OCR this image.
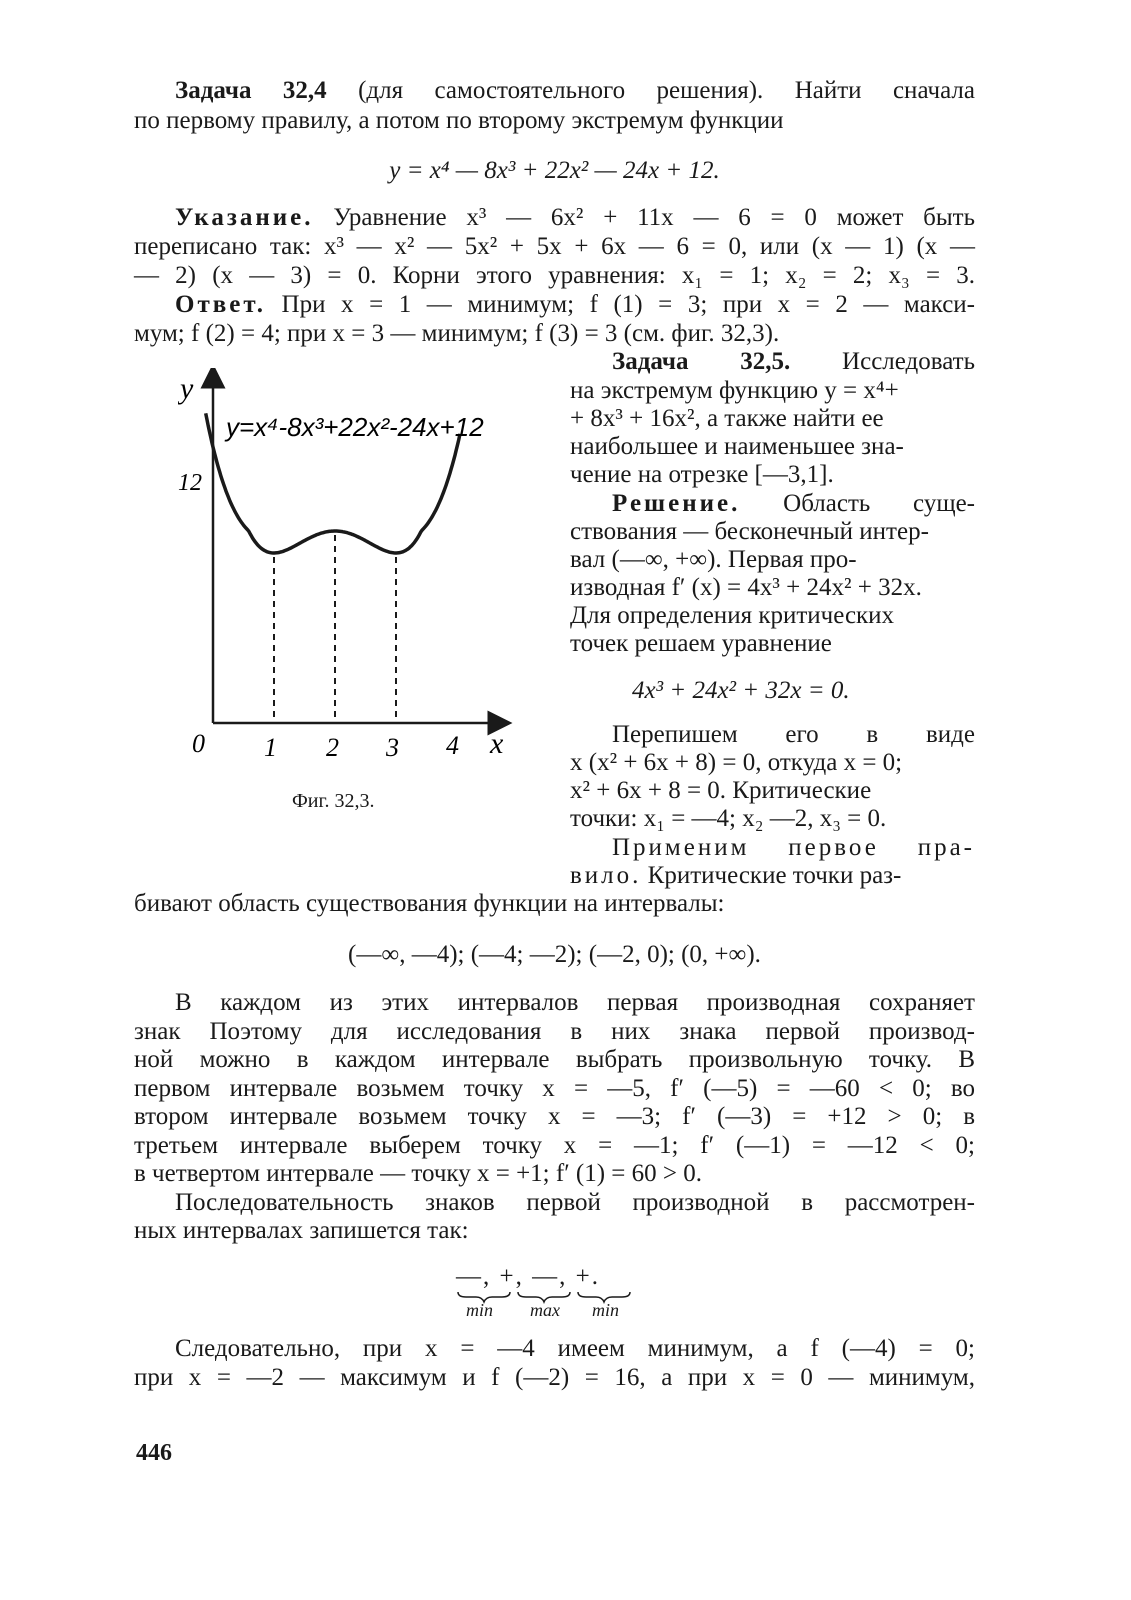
Задача 32,4 (для самостоятельного решения). Найти сначала
по первому правилу, а потом по второму экстремум функции
y = x⁴ — 8x³ + 22x² — 24x + 12.
Указание. Уравнение x³ — 6x² + 11x — 6 = 0 может быть
переписано так: x³ — x² — 5x² + 5x + 6x — 6 = 0, или (x — 1) (x —
— 2) (x — 3) = 0. Корни этого уравнения: x₁ = 1; x₂ = 2; x₃ = 3.
Ответ. При x = 1 — минимум; f (1) = 3; при x = 2 — макси-
мум; f (2) = 4; при x = 3 — минимум; f (3) = 3 (см. фиг. 32,3).
Задача 32,5. Исследовать
на экстремум функцию y = x⁴+
+ 8x³ + 16x², а также найти ее
наибольшее и наименьшее зна-
чение на отрезке [—3,1].
Решение. Область суще-
ствования — бесконечный интер-
вал (—∞, +∞). Первая про-
изводная f′ (x) = 4x³ + 24x² + 32x.
Для определения критических
точек решаем уравнение
4x³ + 24x² + 32x = 0.
Перепишем его в виде
x (x² + 6x + 8) = 0, откуда x = 0;
x² + 6x + 8 = 0. Критические
точки: x₁ = —4; x₂ —2, x₃ = 0.
Применим первое пра-
вило. Критические точки раз-
y
x
0
12
1 2 3 4
y=x⁴-8x³+22x²-24x+12
Фиг. 32,3.
бивают область существования функции на интервалы:
(—∞, —4); (—4; —2); (—2, 0); (0, +∞).
В каждом из этих интервалов первая производная сохраняет
знак Поэтому для исследования в них знака первой производ-
ной можно в каждом интервале выбрать произвольную точку. В
первом интервале возьмем точку x = —5, f′ (—5) = —60 < 0; во
втором интервале возьмем точку x = —3; f′ (—3) = +12 > 0; в
третьем интервале выберем точку x = —1; f′ (—1) = —12 < 0;
в четвертом интервале — точку x = +1; f′ (1) = 60 > 0.
Последовательность знаков первой производной в рассмотрен-
ных интервалах запишется так:
—, +, —, +.
min max min
Следовательно, при x = —4 имеем минимум, а f (—4) = 0;
при x = —2 — максимум и f (—2) = 16, а при x = 0 — минимум,
446
